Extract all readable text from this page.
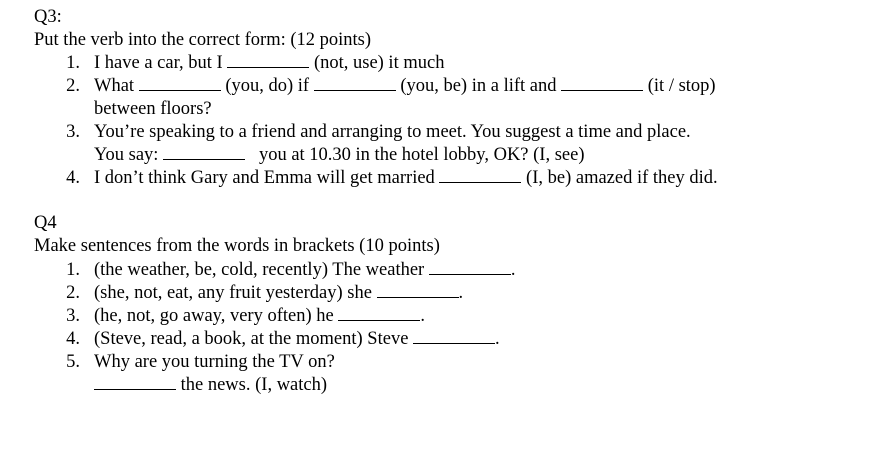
Q3:
Put the verb into the correct form: (12 points)
1. I have a car, but I	(not, use) it much
2. What	(you, do) if	(you, be) in a lift and	(it / stop)
between floors?
3. You’re speaking to a friend and arranging to meet. You suggest a time and place.
You say:	you at 10.30 in the hotel lobby, OK? (I, see)
4. I don’t think Gary and Emma will get married	(I, be) amazed if they did.
Q4
Make sentences from the words in brackets (10 points)
1. (the weather, be, cold, recently) The weather	.
2. (she, not, eat, any fruit yesterday) she	.
3. (he, not, go away, very often) he	.
4. (Steve, read, a book, at the moment) Steve	.
5. Why are you turning the TV on?
the news. (I, watch)
